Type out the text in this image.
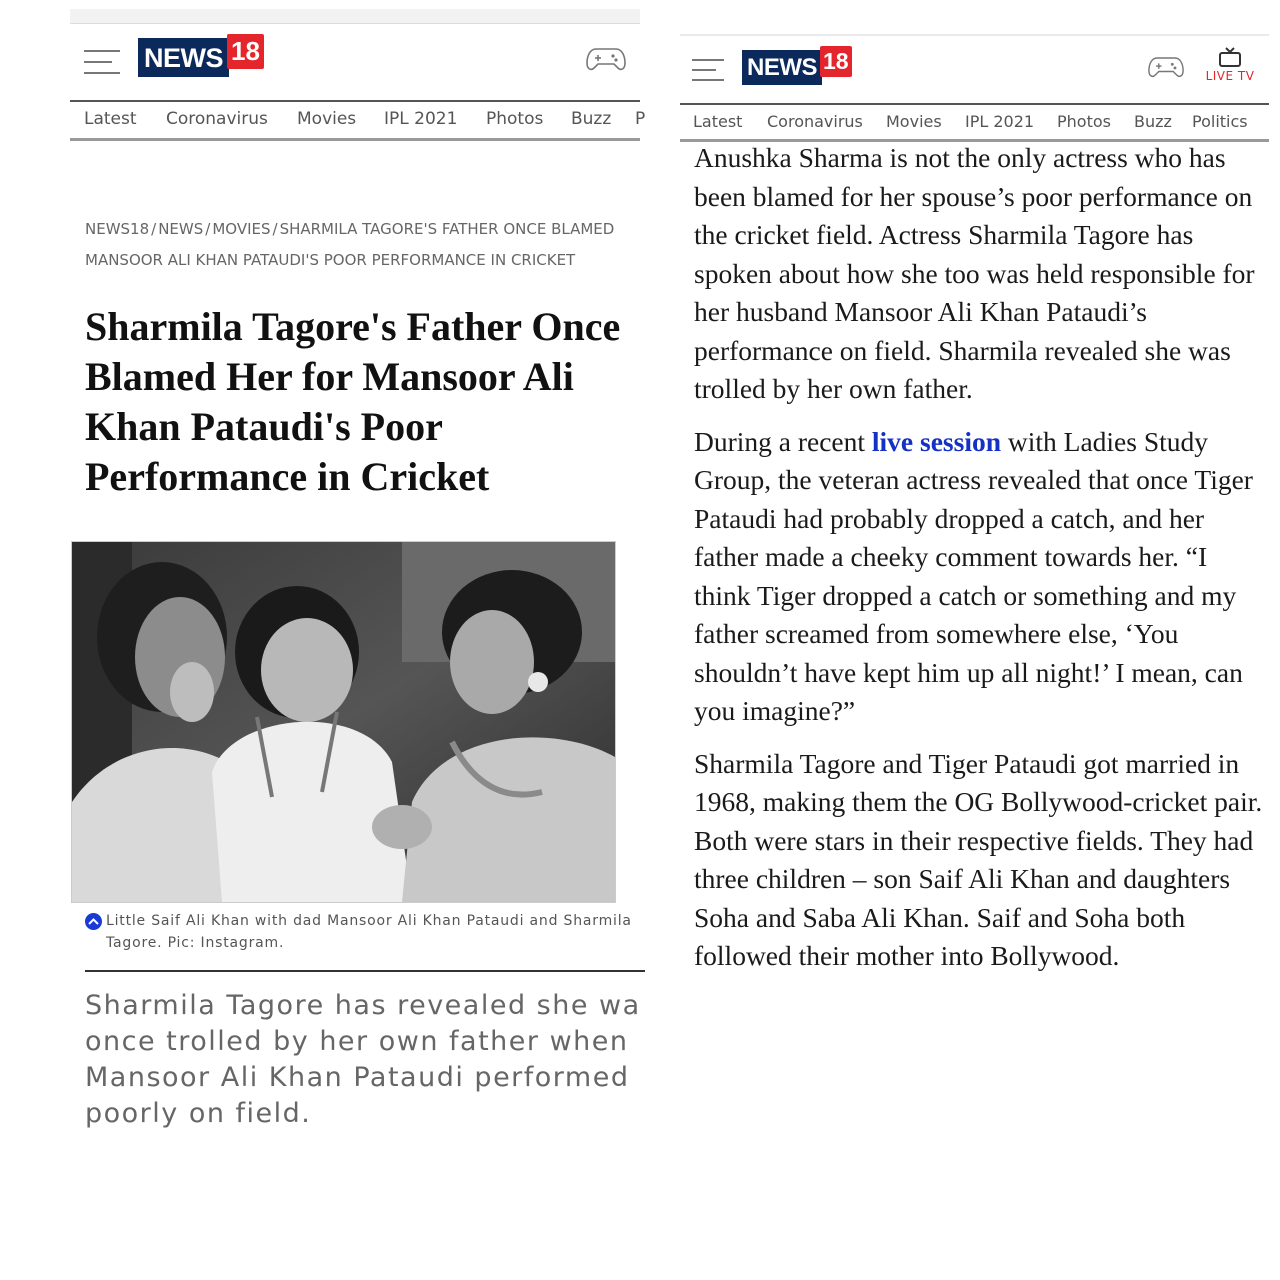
NEWS 18
Latest Coronavirus Movies IPL 2021 Photos Buzz P
NEWS18 / NEWS / MOVIES / SHARMILA TAGORE'S FATHER ONCE BLAMED MANSOOR ALI KHAN PATAUDI'S POOR PERFORMANCE IN CRICKET
Sharmila Tagore's Father Once
Blamed Her for Mansoor Ali
Khan Pataudi's Poor
Performance in Cricket
Little Saif Ali Khan with dad Mansoor Ali Khan Pataudi and Sharmila Tagore. Pic: Instagram.
Sharmila Tagore has revealed she wa
once trolled by her own father when
Mansoor Ali Khan Pataudi performed
poorly on field.
NEWS 18
LIVE TV
Latest Coronavirus Movies IPL 2021 Photos Buzz Politics

Anushka Sharma is not the only actress who has been blamed for her spouse’s poor performance on the cricket field. Actress Sharmila Tagore has spoken about how she too was held responsible for her husband Mansoor Ali Khan Pataudi’s performance on field. Sharmila revealed she was trolled by her own father.

During a recent live session with Ladies Study Group, the veteran actress revealed that once Tiger Pataudi had probably dropped a catch, and her father made a cheeky comment towards her. “I think Tiger dropped a catch or something and my father screamed from somewhere else, ‘You shouldn’t have kept him up all night!’ I mean, can you imagine?”

Sharmila Tagore and Tiger Pataudi got married in 1968, making them the OG Bollywood-cricket pair. Both were stars in their respective fields. They had three children – son Saif Ali Khan and daughters Soha and Saba Ali Khan. Saif and Soha both followed their mother into Bollywood.
